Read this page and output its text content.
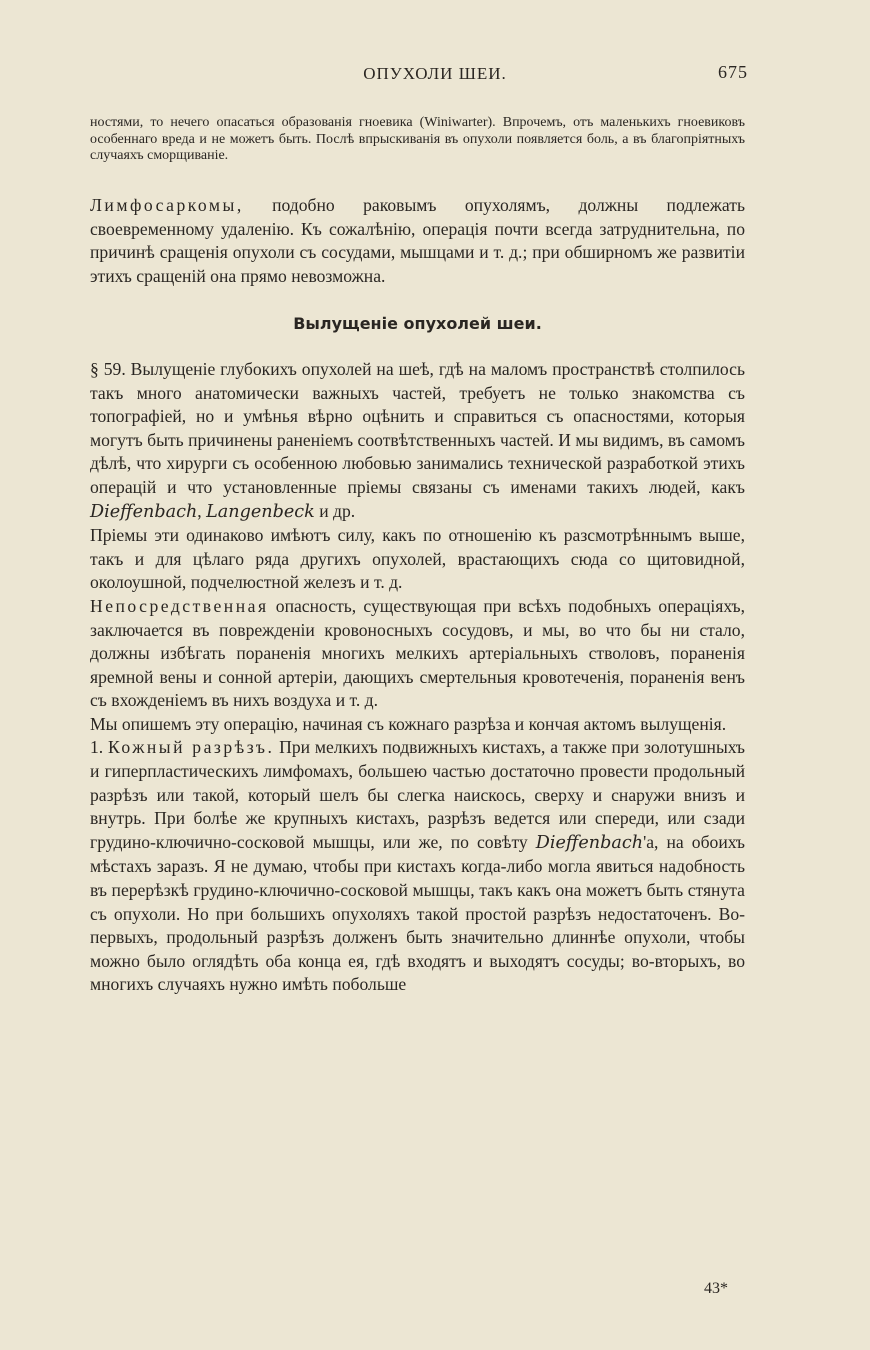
ОПУХОЛИ ШЕИ.	675

ностями, то нечего опасаться образованія гноевика (Winiwarter). Впрочемъ, отъ маленькихъ гноевиковъ особеннаго вреда и не можетъ быть. Послѣ впрыскиванія въ опухоли появляется боль, а въ благопріятныхъ случаяхъ сморщиваніе.

Лимфосаркомы, подобно раковымъ опухолямъ, должны подлежать своевременному удаленію. Къ сожалѣнію, операція почти всегда затруднительна, по причинѣ сращенія опухоли съ сосудами, мышцами и т. д.; при обширномъ же развитіи этихъ сращеній она прямо невозможна.

Вылущеніе опухолей шеи.

§ 59. Вылущеніе глубокихъ опухолей на шеѣ, гдѣ на маломъ пространствѣ столпилось такъ много анатомически важныхъ частей, требуетъ не только знакомства съ топографіей, но и умѣнья вѣрно оцѣнить и справиться съ опасностями, которыя могутъ быть причинены раненіемъ соотвѣтственныхъ частей. И мы видимъ, въ самомъ дѣлѣ, что хирурги съ особенною любовью занимались технической разработкой этихъ операцій и что установленные пріемы связаны съ именами такихъ людей, какъ Dieffenbach, Langenbeck и др.

Пріемы эти одинаково имѣютъ силу, какъ по отношенію къ разсмотрѣннымъ выше, такъ и для цѣлаго ряда другихъ опухолей, врастающихъ сюда со щитовидной, околоушной, подчелюстной железъ и т. д.

Непосредственная опасность, существующая при всѣхъ подобныхъ операціяхъ, заключается въ поврежденіи кровоносныхъ сосудовъ, и мы, во что бы ни стало, должны избѣгать пораненія многихъ мелкихъ артеріальныхъ стволовъ, пораненія яремной вены и сонной артеріи, дающихъ смертельныя кровотеченія, пораненія венъ съ вхожденіемъ въ нихъ воздуха и т. д.

Мы опишемъ эту операцію, начиная съ кожнаго разрѣза и кончая актомъ вылущенія.

1. Кожный разрѣзъ. При мелкихъ подвижныхъ кистахъ, а также при золотушныхъ и гиперпластическихъ лимфомахъ, большею частью достаточно провести продольный разрѣзъ или такой, который шелъ бы слегка наискось, сверху и снаружи внизъ и внутрь. При болѣе же крупныхъ кистахъ, разрѣзъ ведется или спереди, или сзади грудино-ключично-сосковой мышцы, или же, по совѣту Dieffenbach'а, на обоихъ мѣстахъ заразъ. Я не думаю, чтобы при кистахъ когда-либо могла явиться надобность въ перерѣзкѣ грудино-ключично-сосковой мышцы, такъ какъ она можетъ быть стянута съ опухоли. Но при большихъ опухоляхъ такой простой разрѣзъ недостаточенъ. Во-первыхъ, продольный разрѣзъ долженъ быть значительно длиннѣе опухоли, чтобы можно было оглядѣть оба конца ея, гдѣ входятъ и выходятъ сосуды; во-вторыхъ, во многихъ случаяхъ нужно имѣть побольше

43*
